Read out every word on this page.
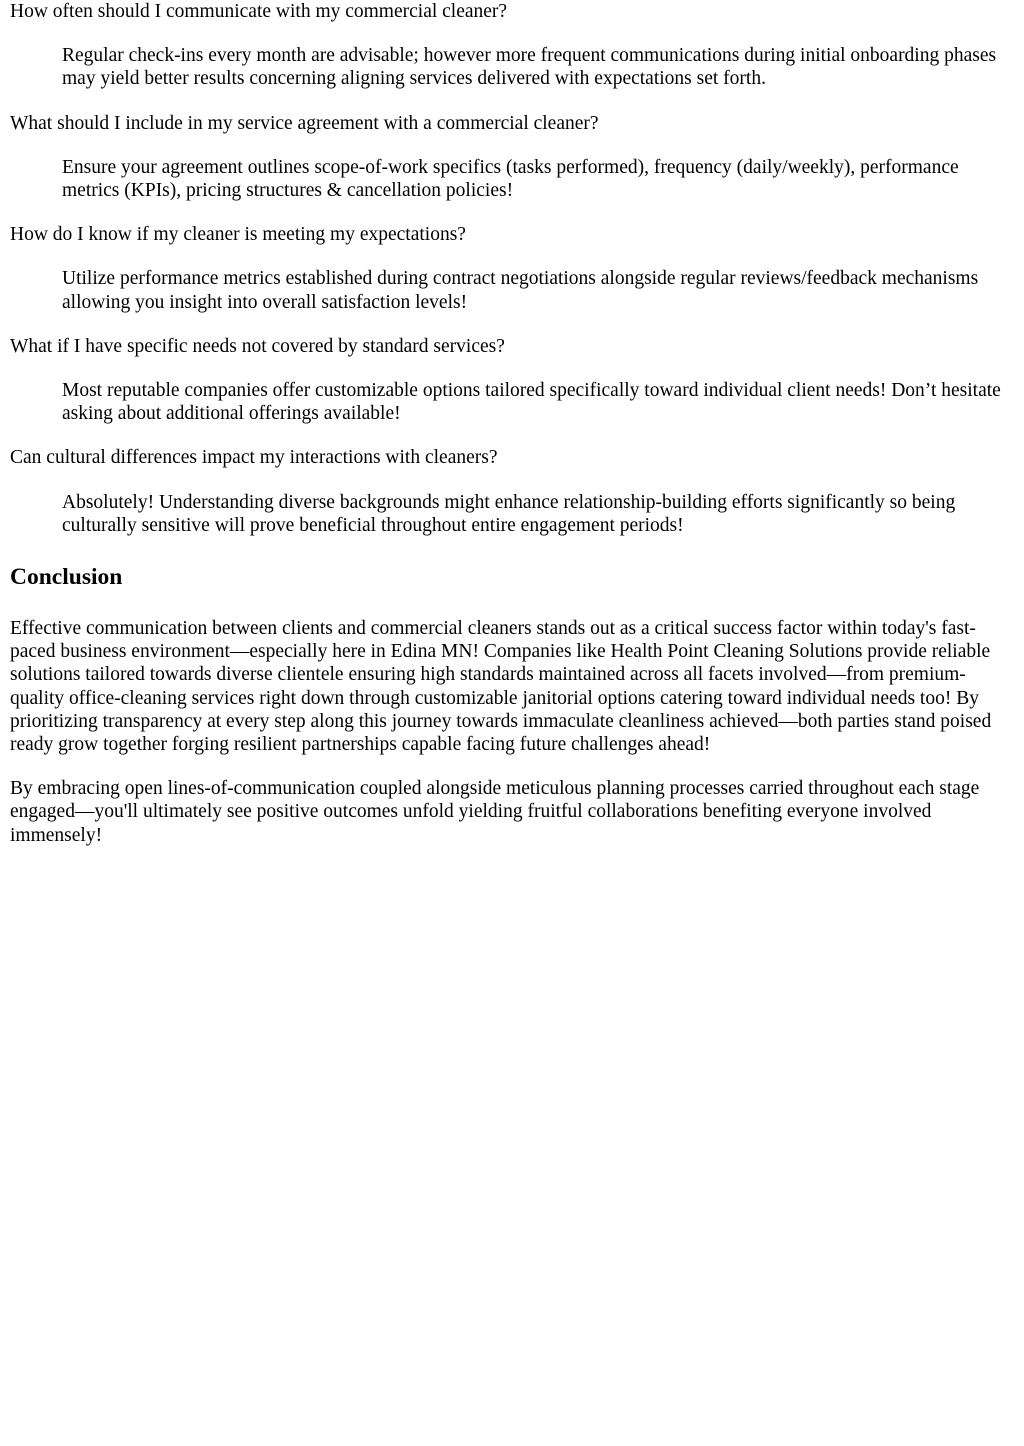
How often should I communicate with my commercial cleaner?
Regular check-ins every month are advisable; however more frequent communications during initial onboarding phases may yield better results concerning aligning services delivered with expectations set forth.
What should I include in my service agreement with a commercial cleaner?
Ensure your agreement outlines scope-of-work specifics (tasks performed), frequency (daily/weekly), performance metrics (KPIs), pricing structures & cancellation policies!
How do I know if my cleaner is meeting my expectations?
Utilize performance metrics established during contract negotiations alongside regular reviews/feedback mechanisms allowing you insight into overall satisfaction levels!
What if I have specific needs not covered by standard services?
Most reputable companies offer customizable options tailored specifically toward individual client needs! Don’t hesitate asking about additional offerings available!
Can cultural differences impact my interactions with cleaners?
Absolutely! Understanding diverse backgrounds might enhance relationship-building efforts significantly so being culturally sensitive will prove beneficial throughout entire engagement periods!
Conclusion

Effective communication between clients and commercial cleaners stands out as a critical success factor within today's fast-paced business environment—especially here in Edina MN! Companies like Health Point Cleaning Solutions provide reliable solutions tailored towards diverse clientele ensuring high standards maintained across all facets involved—from premium-quality office-cleaning services right down through customizable janitorial options catering toward individual needs too! By prioritizing transparency at every step along this journey towards immaculate cleanliness achieved—both parties stand poised ready grow together forging resilient partnerships capable facing future challenges ahead!

By embracing open lines-of-communication coupled alongside meticulous planning processes carried throughout each stage engaged—you'll ultimately see positive outcomes unfold yielding fruitful collaborations benefiting everyone involved immensely!
